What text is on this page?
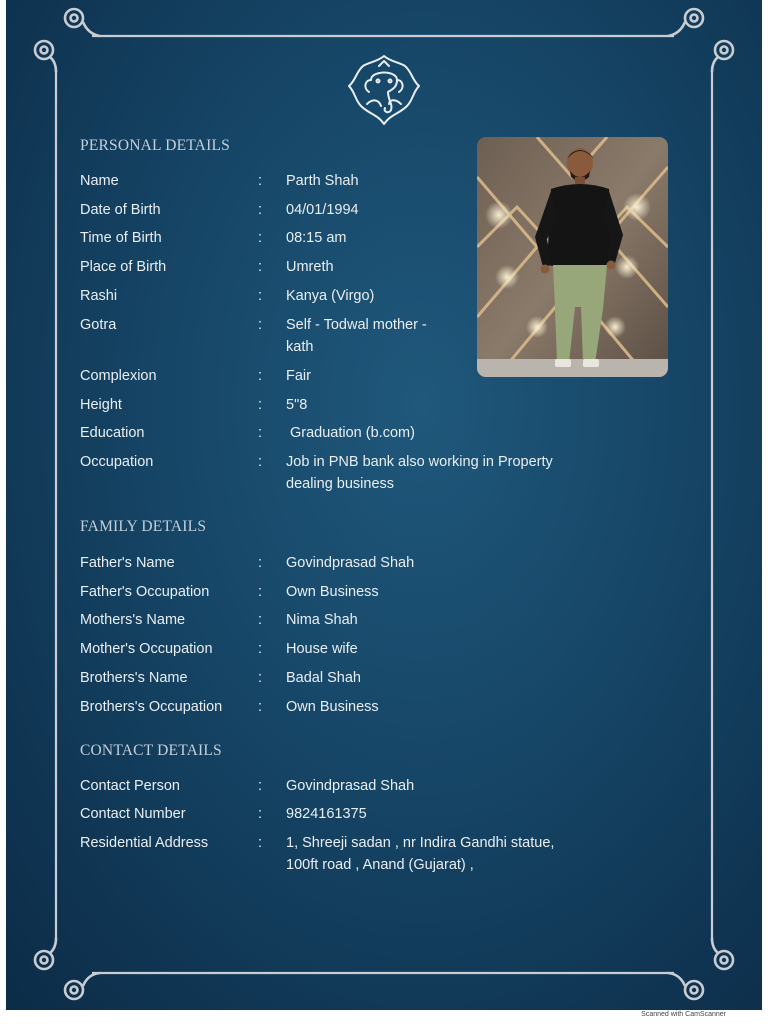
PERSONAL DETAILS
Name	: Parth Shah
Date of Birth	: 04/01/1994
Time of Birth	: 08:15 am
Place of Birth	: Umreth
Rashi	: Kanya (Virgo)
Gotra	: Self - Todwal mother - kath
Complexion	: Fair
Height	: 5"8
Education	: Graduation (b.com)
Occupation	: Job in PNB bank also working in Property dealing business
FAMILY DETAILS
Father's Name	: Govindprasad Shah
Father's Occupation	: Own Business
Mothers's Name	: Nima Shah
Mother's Occupation	: House wife
Brothers's Name	: Badal Shah
Brothers's Occupation	: Own Business
CONTACT DETAILS
Contact Person	: Govindprasad Shah
Contact Number	: 9824161375
Residential Address	: 1, Shreeji sadan , nr Indira Gandhi statue, 100ft road , Anand (Gujarat) ,
Scanned with CamScanner
